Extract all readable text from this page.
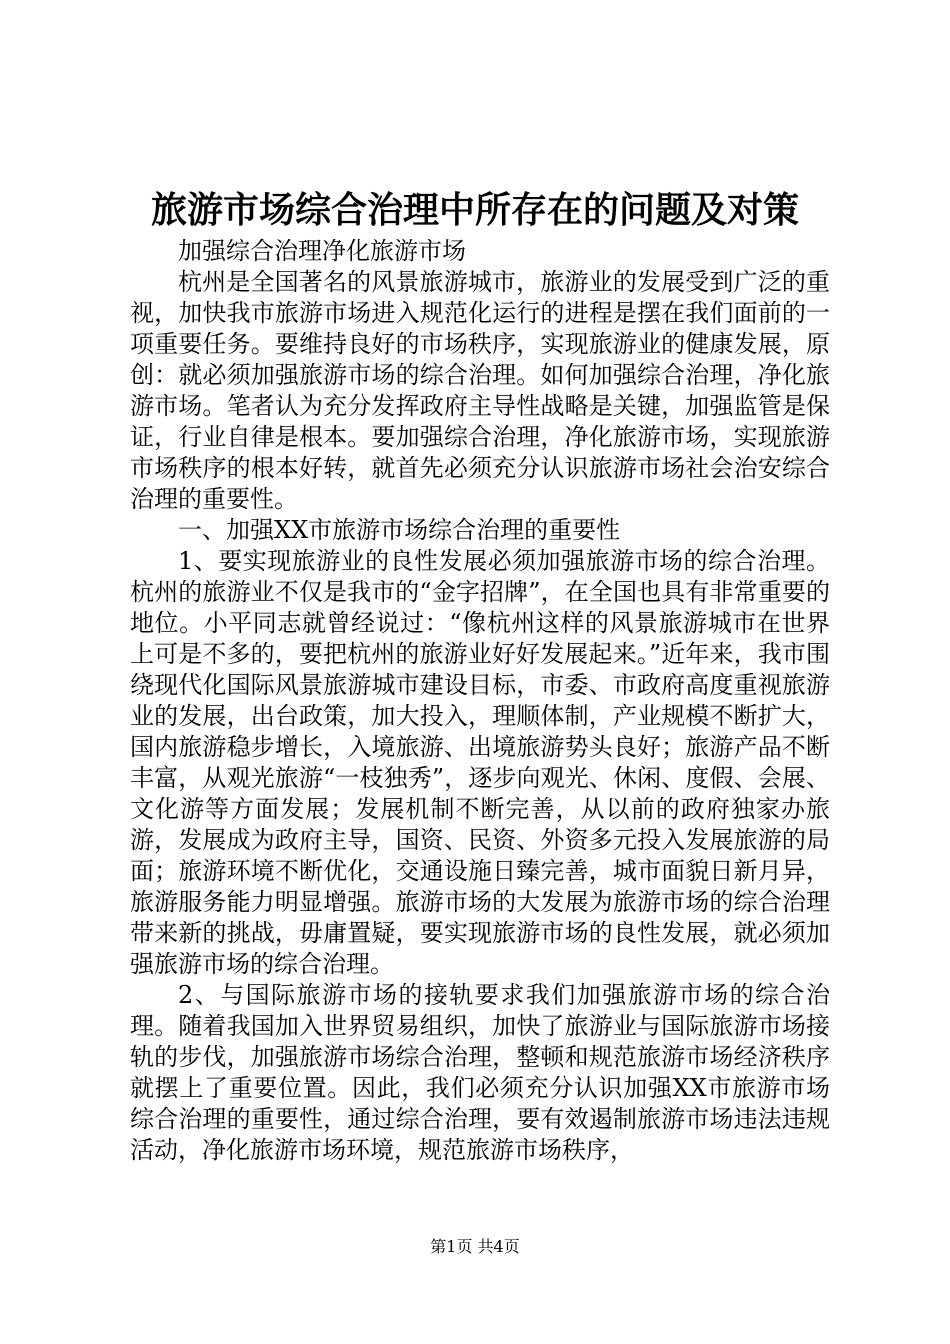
旅游市场综合治理中所存在的问题及对策

加强综合治理净化旅游市场

杭州是全国著名的风景旅游城市，旅游业的发展受到广泛的重视，加快我市旅游市场进入规范化运行的进程是摆在我们面前的一项重要任务。要维持良好的市场秩序，实现旅游业的健康发展，原创：就必须加强旅游市场的综合治理。如何加强综合治理，净化旅游市场。笔者认为充分发挥政府主导性战略是关键，加强监管是保证，行业自律是根本。要加强综合治理，净化旅游市场，实现旅游市场秩序的根本好转，就首先必须充分认识旅游市场社会治安综合治理的重要性。

一、加强XX市旅游市场综合治理的重要性

1、要实现旅游业的良性发展必须加强旅游市场的综合治理。杭州的旅游业不仅是我市的“金字招牌”，在全国也具有非常重要的地位。小平同志就曾经说过：“像杭州这样的风景旅游城市在世界上可是不多的，要把杭州的旅游业好好发展起来。”近年来，我市围绕现代化国际风景旅游城市建设目标，市委、市政府高度重视旅游业的发展，出台政策，加大投入，理顺体制，产业规模不断扩大，国内旅游稳步增长，入境旅游、出境旅游势头良好；旅游产品不断丰富，从观光旅游“一枝独秀”，逐步向观光、休闲、度假、会展、文化游等方面发展；发展机制不断完善，从以前的政府独家办旅游，发展成为政府主导，国资、民资、外资多元投入发展旅游的局面；旅游环境不断优化，交通设施日臻完善，城市面貌日新月异，旅游服务能力明显增强。旅游市场的大发展为旅游市场的综合治理带来新的挑战，毋庸置疑，要实现旅游市场的良性发展，就必须加强旅游市场的综合治理。

2、与国际旅游市场的接轨要求我们加强旅游市场的综合治理。随着我国加入世界贸易组织，加快了旅游业与国际旅游市场接轨的步伐，加强旅游市场综合治理，整顿和规范旅游市场经济秩序就摆上了重要位置。因此，我们必须充分认识加强XX市旅游市场综合治理的重要性，通过综合治理，要有效遏制旅游市场违法违规活动，净化旅游市场环境，规范旅游市场秩序，

第1页 共4页
